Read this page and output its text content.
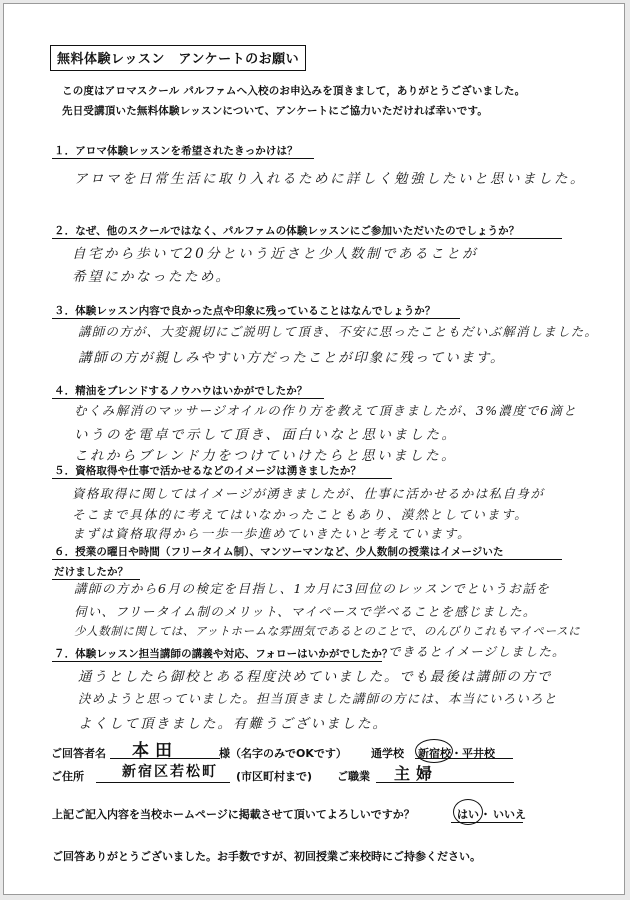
無料体験レッスン　アンケートのお願い
この度はアロマスクール パルファムへ入校のお申込みを頂きまして，ありがとうございました。
先日受講頂いた無料体験レッスンについて、アンケートにご協力いただければ幸いです。
１．アロマ体験レッスンを希望されたきっかけは？
アロマを日常生活に取り入れるために詳しく勉強したいと思いました。
２．なぜ、他のスクールではなく、パルファムの体験レッスンにご参加いただいたのでしょうか？
自宅から歩いて20分という近さと少人数制であることが
希望にかなったため。
３．体験レッスン内容で良かった点や印象に残っていることはなんでしょうか？
講師の方が、大変親切にご説明して頂き、不安に思ったこともだいぶ解消しました。
講師の方が親しみやすい方だったことが印象に残っています。
４．精油をブレンドするノウハウはいかがでしたか？
むくみ解消のマッサージオイルの作り方を教えて頂きましたが、3%濃度で6滴と
いうのを電卓で示して頂き、面白いなと思いました。
これからブレンド力をつけていけたらと思いました。
５．資格取得や仕事で活かせるなどのイメージは湧きましたか？
資格取得に関してはイメージが湧きましたが、仕事に活かせるかは私自身が
そこまで具体的に考えてはいなかったこともあり、漠然としています。
まずは資格取得から一歩一歩進めていきたいと考えています。
６．授業の曜日や時間（フリータイム制）、マンツーマンなど、少人数制の授業はイメージいた
だけましたか？
講師の方から6月の検定を目指し、1カ月に3回位のレッスンでというお話を
伺い、フリータイム制のメリット、マイペースで学べることを感じました。
少人数制に関しては、アットホームな雰囲気であるとのことで、のんびりこれもマイペースに
７．体験レッスン担当講師の講義や対応、フォローはいかがでしたか？
できるとイメージしました。
通うとしたら御校とある程度決めていました。でも最後は講師の方で
決めようと思っていました。担当頂きました講師の方には、本当にいろいろと
よくして頂きました。有難うございました。
ご回答者名 本田	様（名字のみでOKです） 通学校 新宿校・平井校
ご住所	新宿区若松町 (市区町村まで) ご職業 主婦
上記ご記入内容を当校ホームページに掲載させて頂いてよろしいですか？	はい ・ いいえ
ご回答ありがとうございました。お手数ですが、初回授業ご来校時にご持参ください。
